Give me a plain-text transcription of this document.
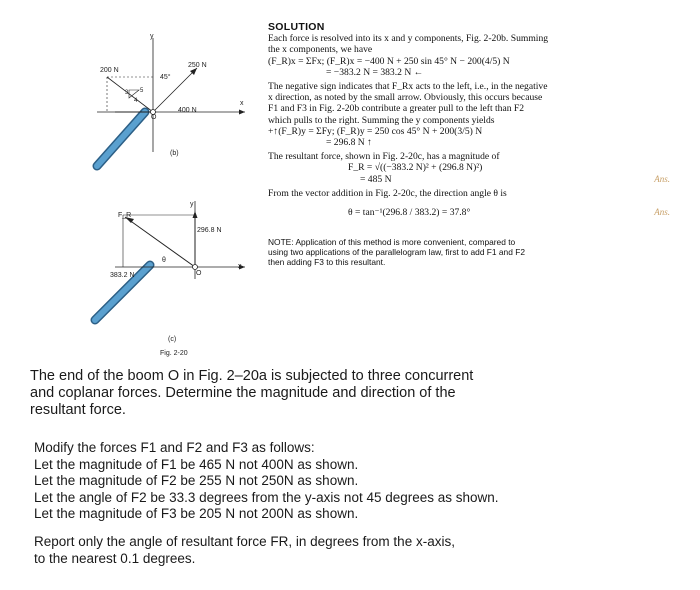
200 N
250 N
45°
400 N
O
x
y
(b)
3
4
5
F_R
296.8 N
383.2 N
θ
O
x
y
(c)
Fig. 2-20
SOLUTION
Each force is resolved into its x and y components, Fig. 2-20b. Summing
the x components, we have
(F_R)x = ΣFx; (F_R)x = −400 N + 250 sin 45° N − 200(4/5) N
= −383.2 N = 383.2 N ←
The negative sign indicates that F_Rx acts to the left, i.e., in the negative
x direction, as noted by the small arrow. Obviously, this occurs because
F1 and F3 in Fig. 2-20b contribute a greater pull to the left than F2
which pulls to the right. Summing the y components yields
+↑(F_R)y = ΣFy; (F_R)y = 250 cos 45° N + 200(3/5) N
= 296.8 N ↑
The resultant force, shown in Fig. 2-20c, has a magnitude of
F_R = √((−383.2 N)² + (296.8 N)²)
= 485 N	Ans.
From the vector addition in Fig. 2-20c, the direction angle θ is
θ = tan⁻¹(296.8 / 383.2) = 37.8°	Ans.
NOTE: Application of this method is more convenient, compared to
using two applications of the parallelogram law, first to add F1 and F2
then adding F3 to this resultant.
The end of the boom O in Fig. 2–20a is subjected to three concurrent
and coplanar forces. Determine the magnitude and direction of the
resultant force.
Modify the forces F1 and F2 and F3 as follows:
Let the magnitude of F1 be 465 N not 400N as shown.
Let the magnitude of F2 be 255 N not 250N as shown.
Let the angle of F2 be 33.3 degrees from the y-axis not 45 degrees as shown.
Let the magnitude of F3 be 205 N not 200N as shown.
Report only the angle of resultant force FR, in degrees from the x-axis,
to the nearest 0.1 degrees.
